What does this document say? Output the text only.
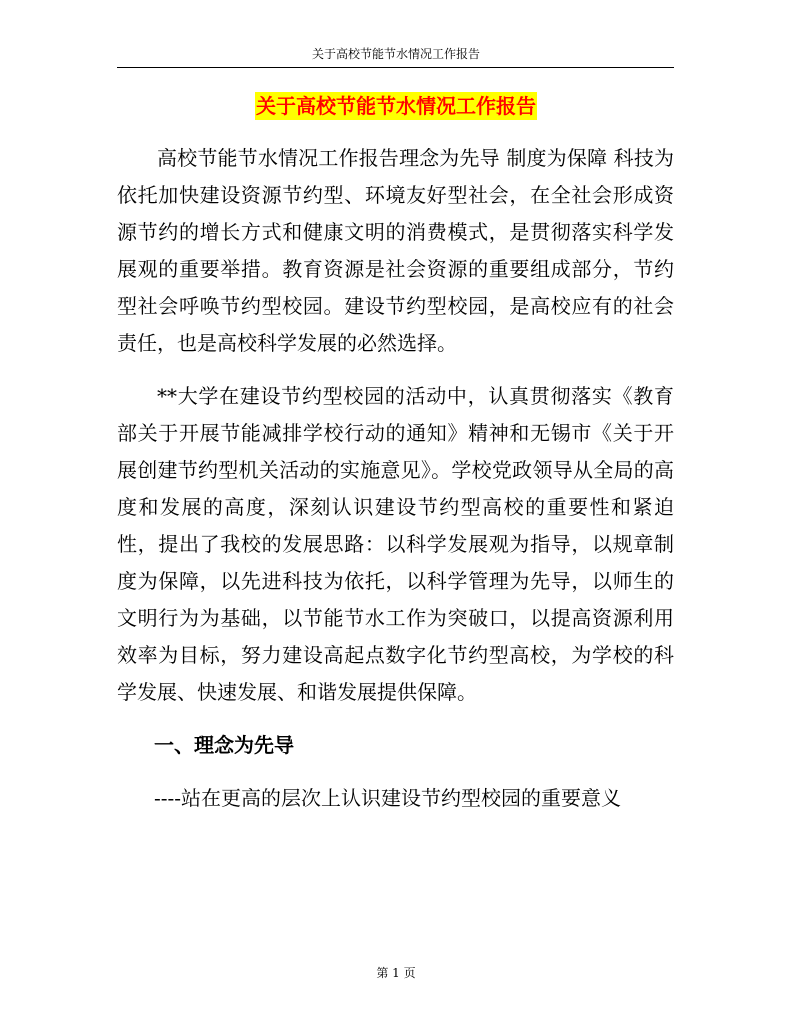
关于高校节能节水情况工作报告
关于高校节能节水情况工作报告

高校节能节水情况工作报告理念为先导 制度为保障 科技为依托加快建设资源节约型、环境友好型社会，在全社会形成资源节约的增长方式和健康文明的消费模式，是贯彻落实科学发展观的重要举措。教育资源是社会资源的重要组成部分，节约型社会呼唤节约型校园。建设节约型校园，是高校应有的社会责任，也是高校科学发展的必然选择。

**大学在建设节约型校园的活动中，认真贯彻落实《教育部关于开展节能减排学校行动的通知》精神和无锡市《关于开展创建节约型机关活动的实施意见》。学校党政领导从全局的高度和发展的高度，深刻认识建设节约型高校的重要性和紧迫性，提出了我校的发展思路：以科学发展观为指导，以规章制度为保障，以先进科技为依托，以科学管理为先导，以师生的文明行为为基础，以节能节水工作为突破口，以提高资源利用效率为目标，努力建设高起点数字化节约型高校，为学校的科学发展、快速发展、和谐发展提供保障。

一、理念为先导

----站在更高的层次上认识建设节约型校园的重要意义

第 1 页
